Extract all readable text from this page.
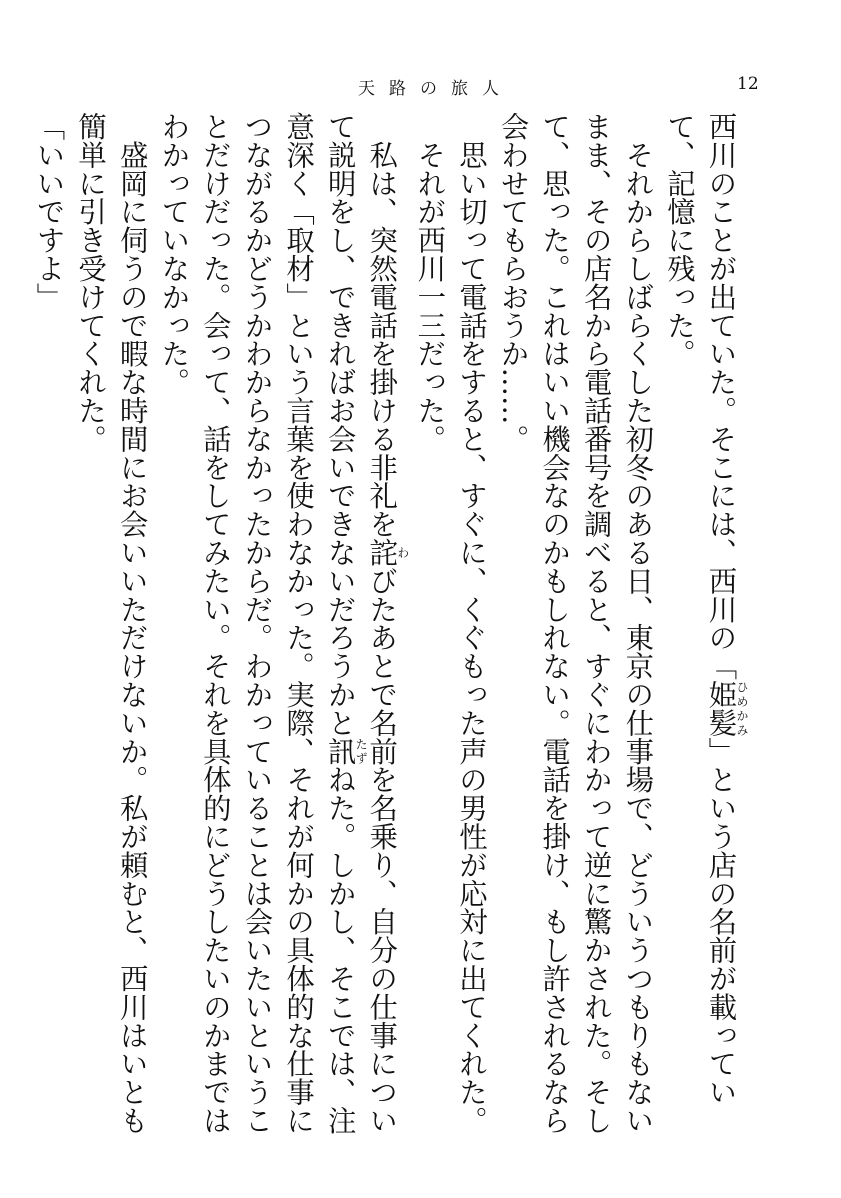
天路の旅人	12

西川のことが出ていた。そこには、西川の「姫髪ひめかみ」という店の名前が載っていて、記憶に残った。

　それからしばらくした初冬のある日、東京の仕事場で、どういうつもりもないまま、その店名から電話番号を調べると、すぐにわかって逆に驚かされた。そして、思った。これはいい機会なのかもしれない。電話を掛け、もし許されるなら会わせてもらおうか……。

　思い切って電話をすると、すぐに、くぐもった声の男性が応対に出てくれた。

　それが西川一三だった。

　私は、突然電話を掛ける非礼を詫わびたあとで名前を名乗り、自分の仕事について説明をし、できればお会いできないだろうかと訊たずねた。しかし、そこでは、注意深く「取材」という言葉を使わなかった。実際、それが何かの具体的な仕事につながるかどうかわからなかったからだ。わかっていることは会いたいということだけだった。会って、話をしてみたい。それを具体的にどうしたいのかまではわかっていなかった。

　盛岡に伺うので暇な時間にお会いいただけないか。私が頼むと、西川はいとも簡単に引き受けてくれた。

「いいですよ」
